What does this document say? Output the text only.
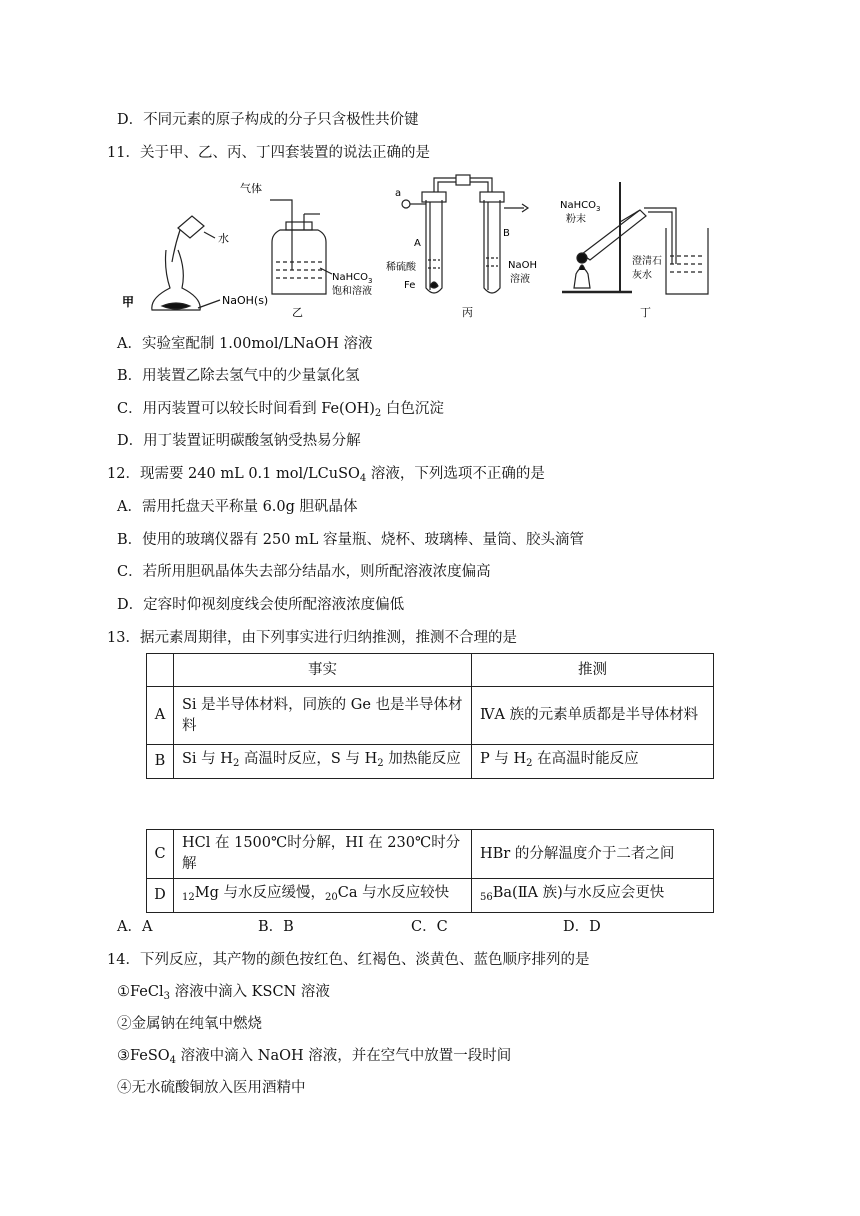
D．不同元素的原子构成的分子只含极性共价键
11．关于甲、乙、丙、丁四套装置的说法正确的是
水
NaOH(s)
甲
气体
NaHCO$_3$
饱和溶液
乙
a
A
B
稀硫酸
Fe
NaOH
溶液
丙
NaHCO$_3$
粉末
澄清石
灰水
丁
A．实验室配制 1.00mol/LNaOH 溶液
B．用装置乙除去氢气中的少量氯化氢
C．用丙装置可以较长时间看到 $Fe(OH)_2$ 白色沉淀
D．用丁装置证明碳酸氢钠受热易分解
12．现需要 240 mL 0.1 mol/LCuSO$_4$ 溶液，下列选项不正确的是
A．需用托盘天平称量 6.0g 胆矾晶体
B．使用的玻璃仪器有 250 mL 容量瓶、烧杯、玻璃棒、量筒、胶头滴管
C．若所用胆矾晶体失去部分结晶水，则所配溶液浓度偏高
D．定容时仰视刻度线会使所配溶液浓度偏低
13．据元素周期律，由下列事实进行归纳推测，推测不合理的是
	事实	推测
A	Si 是半导体材料，同族的 Ge 也是半导体材料	ⅣA 族的元素单质都是半导体材料
B	Si 与 $H_2$ 高温时反应，S 与 $H_2$ 加热能反应	P 与 $H_2$ 在高温时能反应
C	HCl 在 1500℃时分解，HI 在 230℃时分解	HBr 的分解温度介于二者之间
D	$_{12}$Mg 与水反应缓慢，$_{20}$Ca 与水反应较快	$_{56}$Ba(ⅡA 族)与水反应会更快
A．A	B．B	C．C	D．D
14．下列反应，其产物的颜色按红色、红褐色、淡黄色、蓝色顺序排列的是
①FeCl$_3$ 溶液中滴入 KSCN 溶液
②金属钠在纯氧中燃烧
③FeSO$_4$ 溶液中滴入 NaOH 溶液，并在空气中放置一段时间
④无水硫酸铜放入医用酒精中
